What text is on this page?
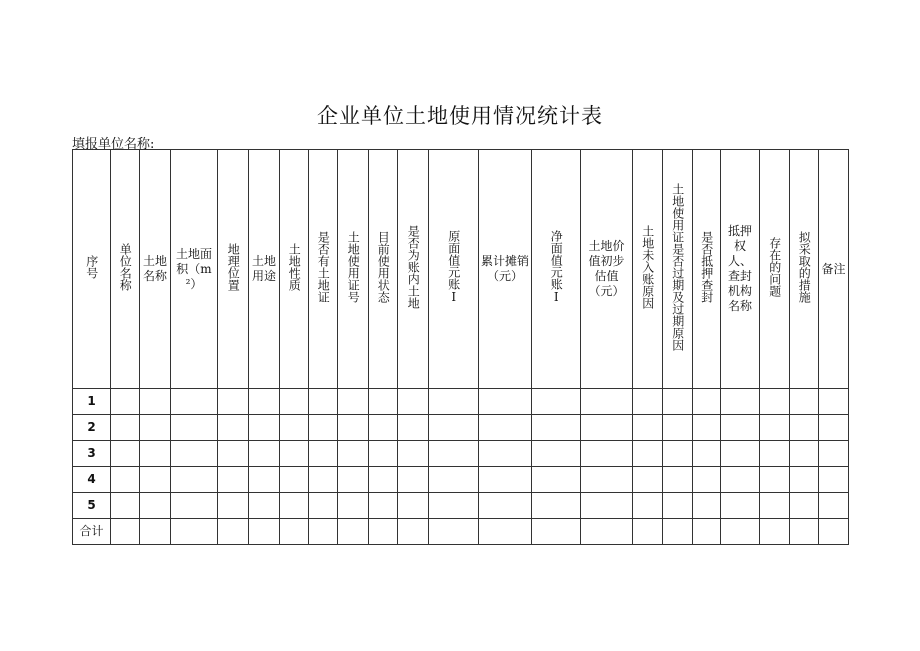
企业单位土地使用情况统计表
填报单位名称:
序号	单位名称	土地名称	土地面积（m²）	地理位置	土地用途	土地性质	是否有土地证	土地使用证号	目前使用状态	是否为账内土地	原面值元账I	累计摊销（元）	净面值元账I	土地价值初步估值（元）	土地未入账原因	土地使用证是否过期及过期原因	是否抵押查封	抵押权人、查封机构名称	存在的问题	拟采取的措施	备注
1																					
2																					
3																					
4																					
5																					
合计																					
